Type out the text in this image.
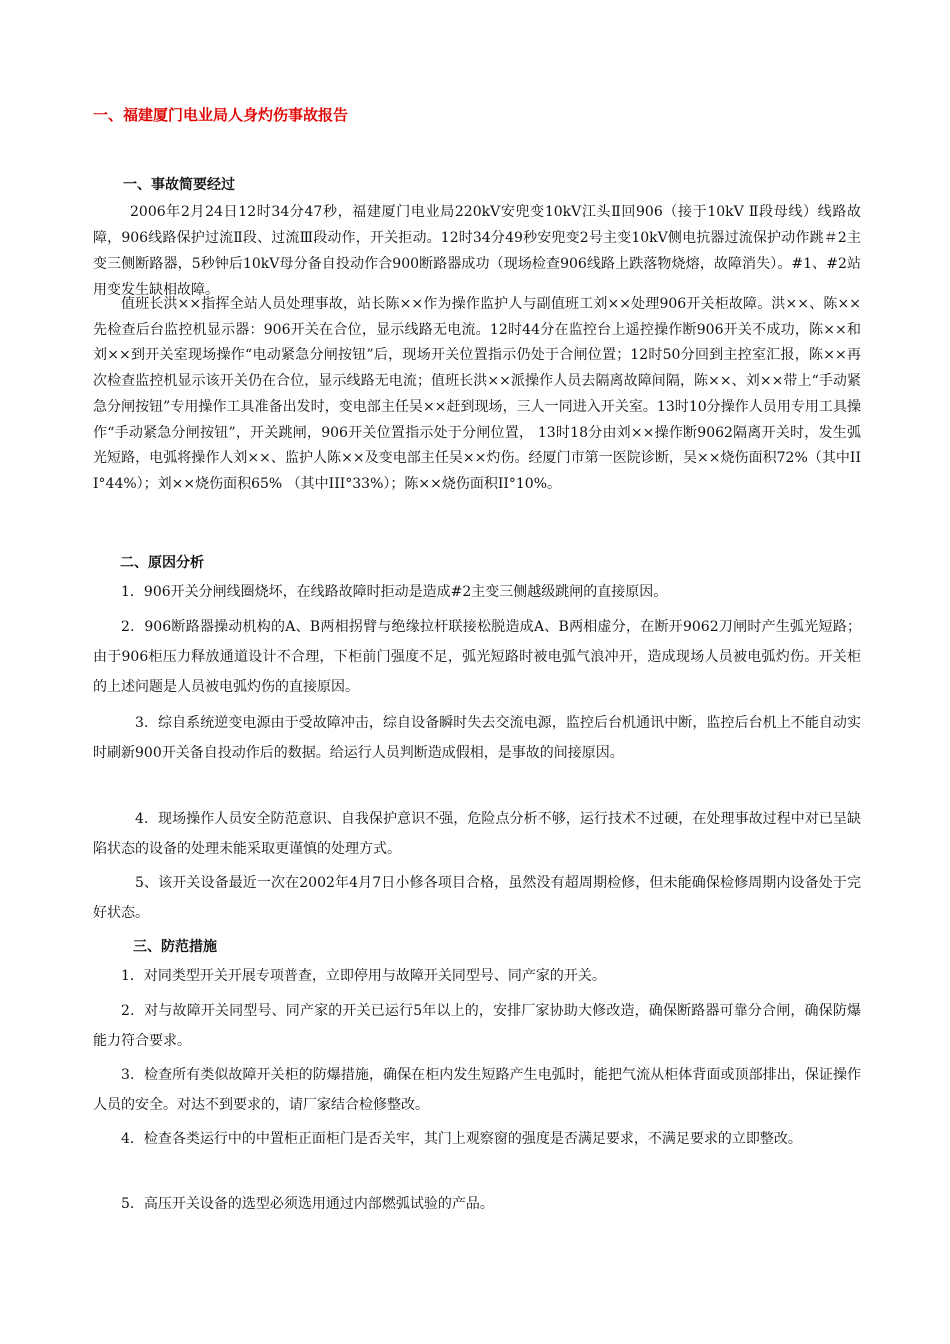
一、福建厦门电业局人身灼伤事故报告
一、事故简要经过

2006年2月24日12时34分47秒，福建厦门电业局220kV安兜变10kV江头Ⅱ回906（接于10kV Ⅱ段母线）线路故障，906线路保护过流Ⅱ段、过流Ⅲ段动作，开关拒动。12时34分49秒安兜变2号主变10kV侧电抗器过流保护动作跳＃2主变三侧断路器，5秒钟后10kV母分备自投动作合900断路器成功（现场检查906线路上跌落物烧熔，故障消失）。#1、#2站用变发生缺相故障。

值班长洪××指挥全站人员处理事故，站长陈××作为操作监护人与副值班工刘××处理906开关柜故障。洪××、陈××先检查后台监控机显示器：906开关在合位，显示线路无电流。12时44分在监控台上遥控操作断906开关不成功，陈××和刘××到开关室现场操作“电动紧急分闸按钮”后，现场开关位置指示仍处于合闸位置；12时50分回到主控室汇报，陈××再次检查监控机显示该开关仍在合位，显示线路无电流；值班长洪××派操作人员去隔离故障间隔，陈××、刘××带上“手动紧急分闸按钮”专用操作工具准备出发时，变电部主任吴××赶到现场，三人一同进入开关室。13时10分操作人员用专用工具操作“手动紧急分闸按钮”，开关跳闸，906开关位置指示处于分闸位置， 13时18分由刘××操作断9062隔离开关时，发生弧光短路，电弧将操作人刘××、监护人陈××及变电部主任吴××灼伤。经厦门市第一医院诊断，吴××烧伤面积72%（其中III°44%）；刘××烧伤面积65% （其中III°33%）；陈××烧伤面积II°10%。

二、原因分析

1．906开关分闸线圈烧坏，在线路故障时拒动是造成#2主变三侧越级跳闸的直接原因。

2．906断路器操动机构的A、B两相拐臂与绝缘拉杆联接松脱造成A、B两相虚分，在断开9062刀闸时产生弧光短路；由于906柜压力释放通道设计不合理，下柜前门强度不足，弧光短路时被电弧气浪冲开，造成现场人员被电弧灼伤。开关柜的上述问题是人员被电弧灼伤的直接原因。

3．综自系统逆变电源由于受故障冲击，综自设备瞬时失去交流电源，监控后台机通讯中断，监控后台机上不能自动实时刷新900开关备自投动作后的数据。给运行人员判断造成假相，是事故的间接原因。

4．现场操作人员安全防范意识、自我保护意识不强，危险点分析不够，运行技术不过硬，在处理事故过程中对已呈缺陷状态的设备的处理未能采取更谨慎的处理方式。

5、该开关设备最近一次在2002年4月7日小修各项目合格，虽然没有超周期检修，但未能确保检修周期内设备处于完好状态。

三、防范措施

1．对同类型开关开展专项普查，立即停用与故障开关同型号、同产家的开关。

2．对与故障开关同型号、同产家的开关已运行5年以上的，安排厂家协助大修改造，确保断路器可靠分合闸，确保防爆能力符合要求。

3．检查所有类似故障开关柜的防爆措施，确保在柜内发生短路产生电弧时，能把气流从柜体背面或顶部排出，保证操作人员的安全。对达不到要求的，请厂家结合检修整改。

4．检查各类运行中的中置柜正面柜门是否关牢，其门上观察窗的强度是否满足要求，不满足要求的立即整改。

5．高压开关设备的选型必须选用通过内部燃弧试验的产品。
